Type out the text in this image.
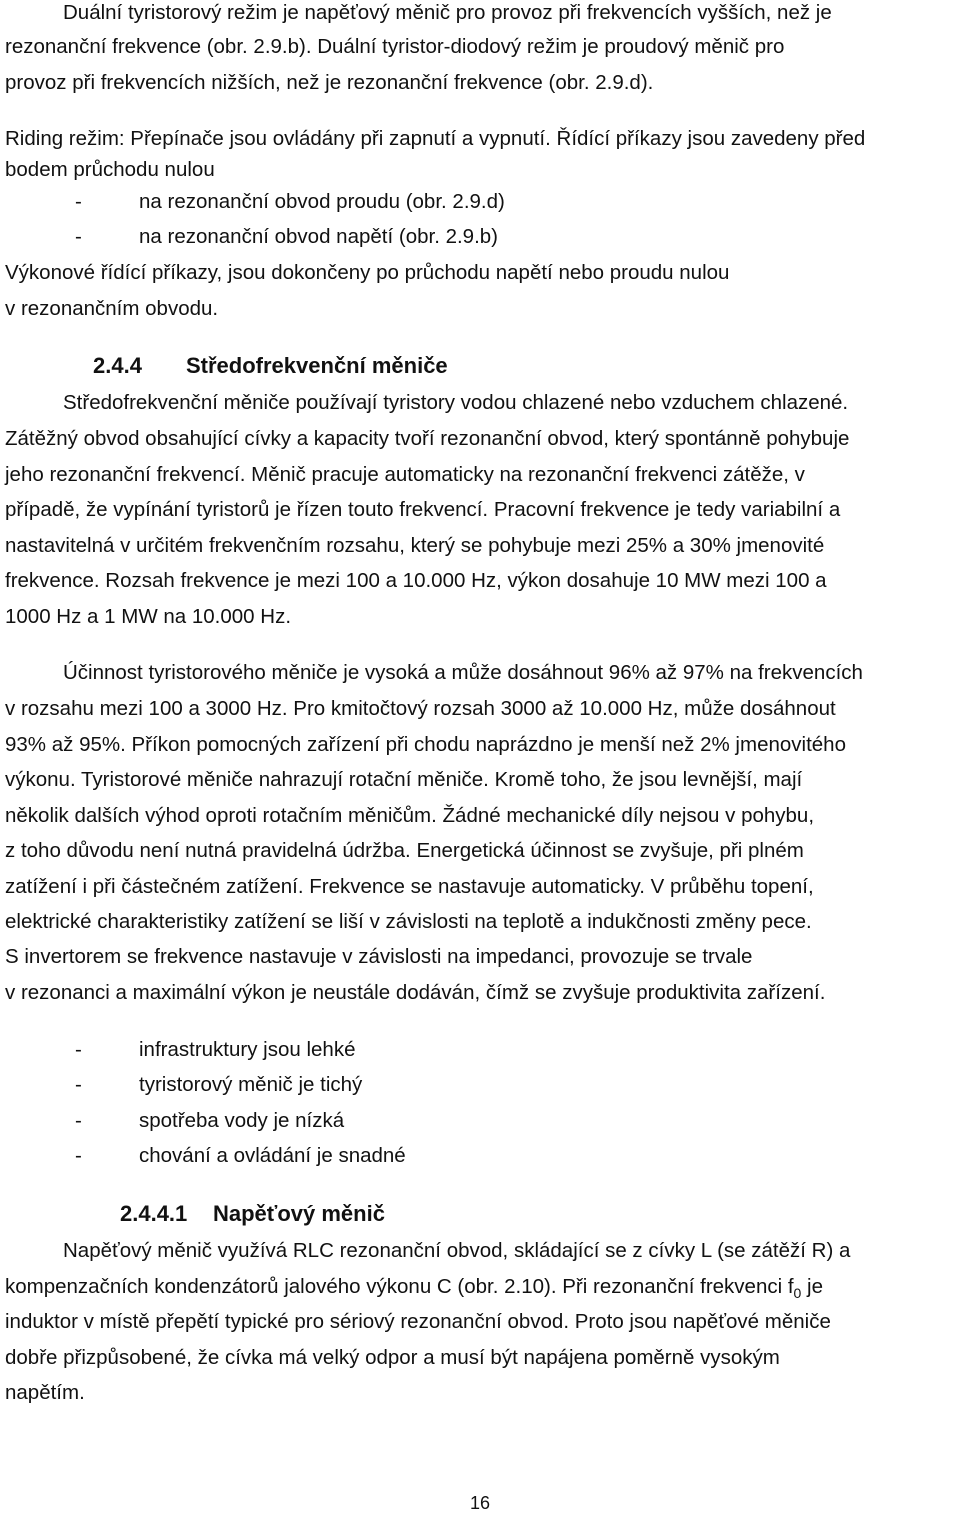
Duální tyristorový režim je napěťový měnič pro provoz při frekvencích vyšších, než je
rezonanční frekvence (obr. 2.9.b). Duální tyristor-diodový režim je proudový měnič pro
provoz při frekvencích nižších, než je rezonanční frekvence (obr. 2.9.d).
Riding režim: Přepínače jsou ovládány při zapnutí a vypnutí. Řídící příkazy jsou zavedeny před
bodem průchodu nulou
-	na rezonanční obvod proudu (obr. 2.9.d)
-	na rezonanční obvod napětí (obr. 2.9.b)
Výkonové řídící příkazy, jsou dokončeny po průchodu napětí nebo proudu nulou
v rezonančním obvodu.
2.4.4 Středofrekvenční měniče
Středofrekvenční měniče používají tyristory vodou chlazené nebo vzduchem chlazené.
Zátěžný obvod obsahující cívky a kapacity tvoří rezonanční obvod, který spontánně pohybuje
jeho rezonanční frekvencí. Měnič pracuje automaticky na rezonanční frekvenci zátěže, v
případě, že vypínání tyristorů je řízen touto frekvencí. Pracovní frekvence je tedy variabilní a
nastavitelná v určitém frekvenčním rozsahu, který se pohybuje mezi 25% a 30% jmenovité
frekvence. Rozsah frekvence je mezi 100 a 10.000 Hz, výkon dosahuje 10 MW mezi 100 a
1000 Hz a 1 MW na 10.000 Hz.
Účinnost tyristorového měniče je vysoká a může dosáhnout 96% až 97% na frekvencích
v rozsahu mezi 100 a 3000 Hz. Pro kmitočtový rozsah 3000 až 10.000 Hz, může dosáhnout
93% až 95%. Příkon pomocných zařízení při chodu naprázdno je menší než 2% jmenovitého
výkonu. Tyristorové měniče nahrazují rotační měniče. Kromě toho, že jsou levnější, mají
několik dalších výhod oproti rotačním měničům. Žádné mechanické díly nejsou v pohybu,
z toho důvodu není nutná pravidelná údržba. Energetická účinnost se zvyšuje, při plném
zatížení i při částečném zatížení. Frekvence se nastavuje automaticky. V průběhu topení,
elektrické charakteristiky zatížení se liší v závislosti na teplotě a indukčnosti změny pece.
S invertorem se frekvence nastavuje v závislosti na impedanci, provozuje se trvale
v rezonanci a maximální výkon je neustále dodáván, čímž se zvyšuje produktivita zařízení.
-	infrastruktury jsou lehké
-	tyristorový měnič je tichý
-	spotřeba vody je nízká
-	chování a ovládání je snadné
2.4.4.1 Napěťový měnič
Napěťový měnič využívá RLC rezonanční obvod, skládající se z cívky L (se zátěží R) a
kompenzačních kondenzátorů jalového výkonu C (obr. 2.10). Při rezonanční frekvenci $f_0$ je
induktor v místě přepětí typické pro sériový rezonanční obvod. Proto jsou napěťové měniče
dobře přizpůsobené, že cívka má velký odpor a musí být napájena poměrně vysokým
napětím.
16
